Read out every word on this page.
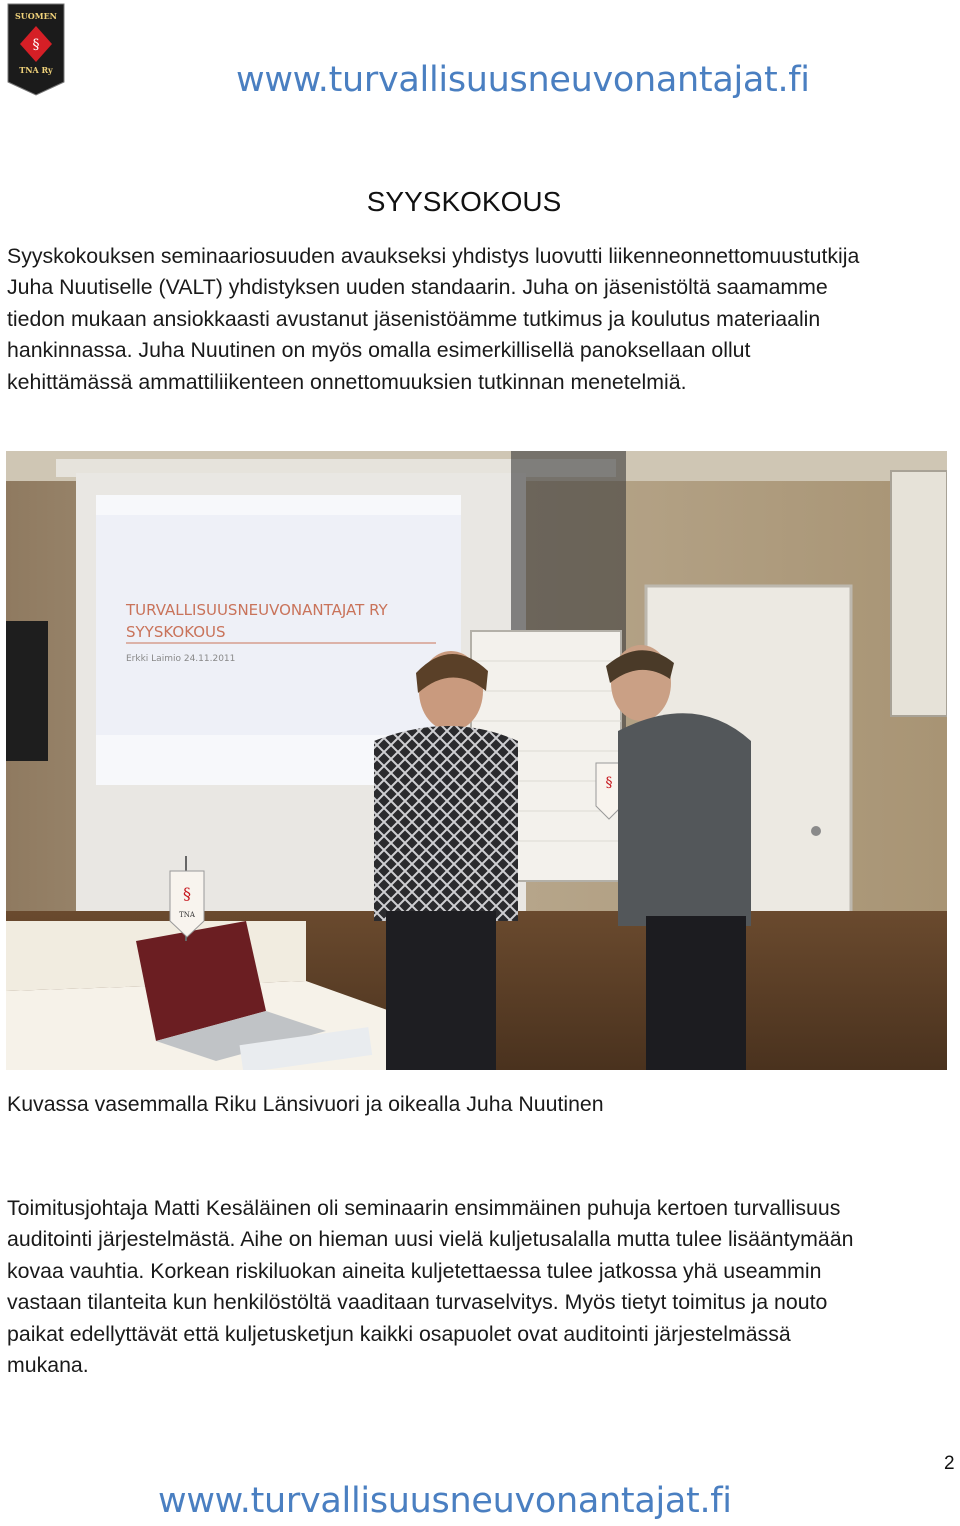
SUOMEN
§
TNA Ry	www.turvallisuusneuvonantajat.fi
SYYSKOKOUS

Syyskokouksen seminaariosuuden avaukseksi yhdistys luovutti liikenneonnettomuustutkija
Juha Nuutiselle (VALT) yhdistyksen uuden standaarin. Juha on jäsenistöltä saamamme
tiedon mukaan ansiokkaasti avustanut jäsenistöämme tutkimus ja koulutus materiaalin
hankinnassa. Juha Nuutinen on myös omalla esimerkillisellä panoksellaan ollut
kehittämässä ammattiliikenteen onnettomuuksien tutkinnan menetelmiä.

TURVALLISUUSNEUVONANTAJAT RY
SYYSKOKOUS
Erkki Laimio 24.11.2011
§
TNA
§
Kuvassa vasemmalla Riku Länsivuori ja oikealla Juha Nuutinen

Toimitusjohtaja Matti Kesäläinen oli seminaarin ensimmäinen puhuja kertoen turvallisuus
auditointi järjestelmästä. Aihe on hieman uusi vielä kuljetusalalla mutta tulee lisääntymään
kovaa vauhtia. Korkean riskiluokan aineita kuljetettaessa tulee jatkossa yhä useammin
vastaan tilanteita kun henkilöstöltä vaaditaan turvaselvitys. Myös tietyt toimitus ja nouto
paikat edellyttävät että kuljetusketjun kaikki osapuolet ovat auditointi järjestelmässä
mukana.

2
www.turvallisuusneuvonantajat.fi
